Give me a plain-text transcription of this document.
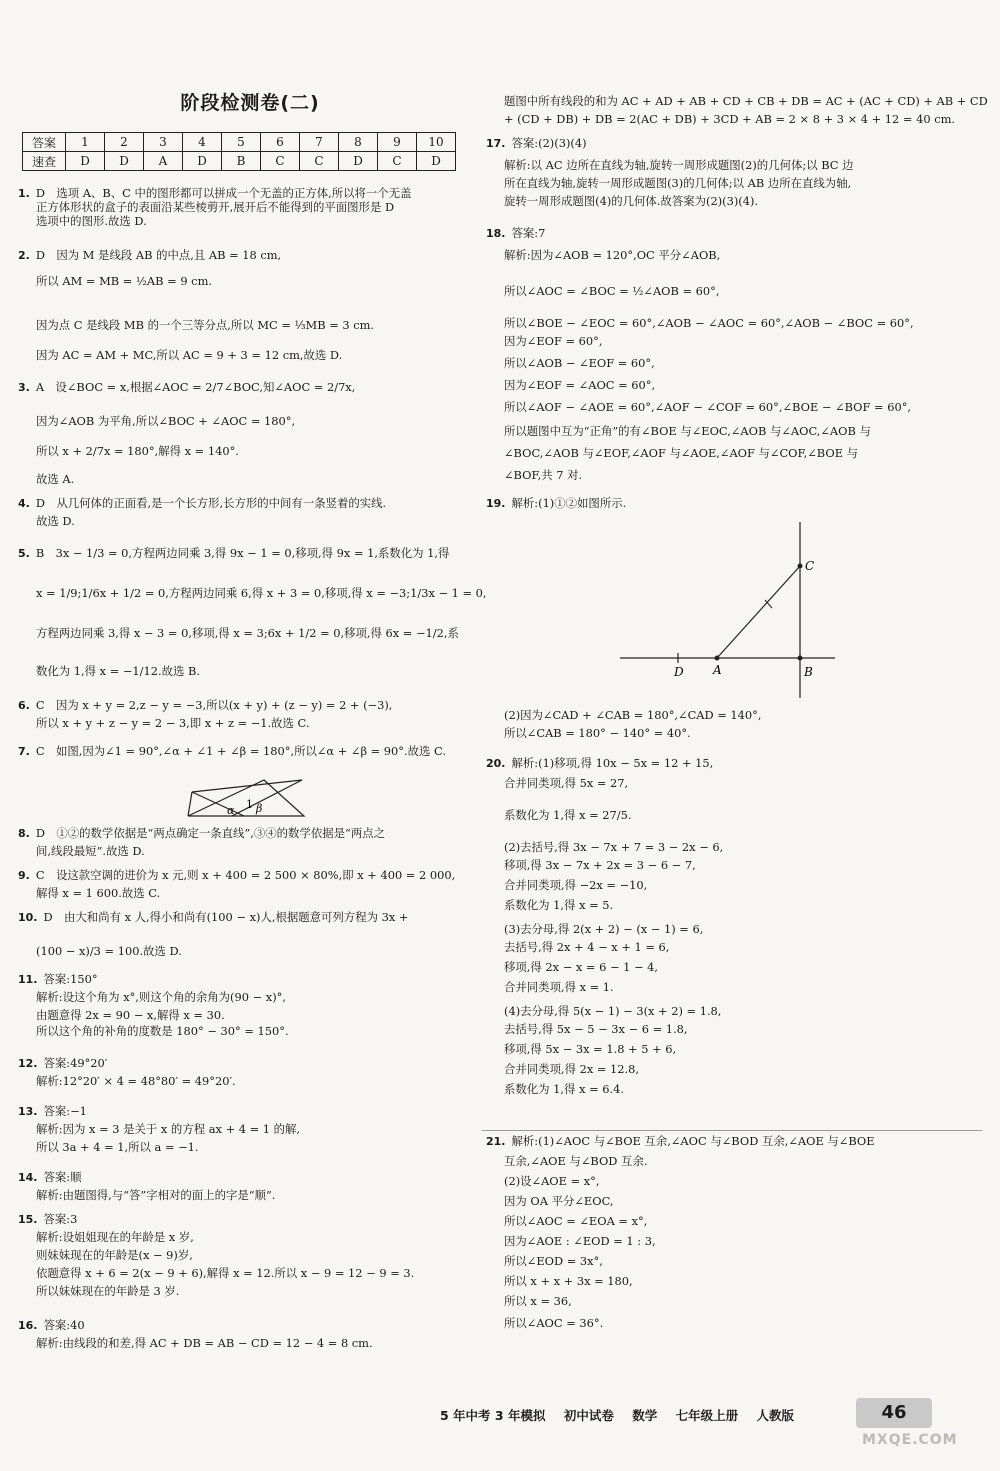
阶段检测卷(二)
答案	1	2	3	4	5	6	7	8	9	10
速查	D	D	A	D	B	C	C	D	C	D
1. D　选项 A、B、C 中的图形都可以拼成一个无盖的正方体,所以将一个无盖
正方体形状的盒子的表面沿某些棱剪开,展开后不能得到的平面图形是 D
选项中的图形.故选 D.
2. D　因为 M 是线段 AB 的中点,且 AB = 18 cm,
所以 AM = MB = ½AB = 9 cm.
因为点 C 是线段 MB 的一个三等分点,所以 MC = ⅓MB = 3 cm.
因为 AC = AM + MC,所以 AC = 9 + 3 = 12 cm,故选 D.
3. A　设∠BOC = x,根据∠AOC = 2/7∠BOC,知∠AOC = 2/7x,
因为∠AOB 为平角,所以∠BOC + ∠AOC = 180°,
所以 x + 2/7x = 180°,解得 x = 140°.
故选 A.
4. D　从几何体的正面看,是一个长方形,长方形的中间有一条竖着的实线.
故选 D.
5. B　3x − 1/3 = 0,方程两边同乘 3,得 9x − 1 = 0,移项,得 9x = 1,系数化为 1,得
x = 1/9;1/6x + 1/2 = 0,方程两边同乘 6,得 x + 3 = 0,移项,得 x = −3;1/3x − 1 = 0,
方程两边同乘 3,得 x − 3 = 0,移项,得 x = 3;6x + 1/2 = 0,移项,得 6x = −1/2,系
数化为 1,得 x = −1/12.故选 B.
6. C　因为 x + y = 2,z − y = −3,所以(x + y) + (z − y) = 2 + (−3),
所以 x + y + z − y = 2 − 3,即 x + z = −1.故选 C.
7. C　如图,因为∠1 = 90°,∠α + ∠1 + ∠β = 180°,所以∠α + ∠β = 90°.故选 C.
8. D　①②的数学依据是“两点确定一条直线”,③④的数学依据是“两点之
间,线段最短”.故选 D.
9. C　设这款空调的进价为 x 元,则 x + 400 = 2 500 × 80%,即 x + 400 = 2 000,
解得 x = 1 600.故选 C.
10. D　由大和尚有 x 人,得小和尚有(100 − x)人,根据题意可列方程为 3x +
(100 − x)/3 = 100.故选 D.
11. 答案:150°
解析:设这个角为 x°,则这个角的余角为(90 − x)°,
由题意得 2x = 90 − x,解得 x = 30.
所以这个角的补角的度数是 180° − 30° = 150°.
12. 答案:49°20′
解析:12°20′ × 4 = 48°80′ = 49°20′.
13. 答案:−1
解析:因为 x = 3 是关于 x 的方程 ax + 4 = 1 的解,
所以 3a + 4 = 1,所以 a = −1.
14. 答案:顺
解析:由题图得,与“答”字相对的面上的字是“顺”.
15. 答案:3
解析:设姐姐现在的年龄是 x 岁,
则妹妹现在的年龄是(x − 9)岁,
依题意得 x + 6 = 2(x − 9 + 6),解得 x = 12.所以 x − 9 = 12 − 9 = 3.
所以妹妹现在的年龄是 3 岁.
16. 答案:40
解析:由线段的和差,得 AC + DB = AB − CD = 12 − 4 = 8 cm.
题图中所有线段的和为 AC + AD + AB + CD + CB + DB = AC + (AC + CD) + AB + CD
+ (CD + DB) + DB = 2(AC + DB) + 3CD + AB = 2 × 8 + 3 × 4 + 12 = 40 cm.
17. 答案:(2)(3)(4)
解析:以 AC 边所在直线为轴,旋转一周形成题图(2)的几何体;以 BC 边
所在直线为轴,旋转一周形成题图(3)的几何体;以 AB 边所在直线为轴,
旋转一周形成题图(4)的几何体.故答案为(2)(3)(4).
18. 答案:7
解析:因为∠AOB = 120°,OC 平分∠AOB,
所以∠AOC = ∠BOC = ½∠AOB = 60°,
所以∠BOE − ∠EOC = 60°,∠AOB − ∠AOC = 60°,∠AOB − ∠BOC = 60°,
因为∠EOF = 60°,
所以∠AOB − ∠EOF = 60°,
因为∠EOF = ∠AOC = 60°,
所以∠AOF − ∠AOE = 60°,∠AOF − ∠COF = 60°,∠BOE − ∠BOF = 60°,
所以题图中互为“正角”的有∠BOE 与∠EOC,∠AOB 与∠AOC,∠AOB 与
∠BOC,∠AOB 与∠EOF,∠AOF 与∠AOE,∠AOF 与∠COF,∠BOE 与
∠BOF,共 7 对.
19. 解析:(1)①②如图所示.
(2)因为∠CAD + ∠CAB = 180°,∠CAD = 140°,
所以∠CAB = 180° − 140° = 40°.
20. 解析:(1)移项,得 10x − 5x = 12 + 15,
合并同类项,得 5x = 27,
系数化为 1,得 x = 27/5.
(2)去括号,得 3x − 7x + 7 = 3 − 2x − 6,
移项,得 3x − 7x + 2x = 3 − 6 − 7,
合并同类项,得 −2x = −10,
系数化为 1,得 x = 5.
(3)去分母,得 2(x + 2) − (x − 1) = 6,
去括号,得 2x + 4 − x + 1 = 6,
移项,得 2x − x = 6 − 1 − 4,
合并同类项,得 x = 1.
(4)去分母,得 5(x − 1) − 3(x + 2) = 1.8,
去括号,得 5x − 5 − 3x − 6 = 1.8,
移项,得 5x − 3x = 1.8 + 5 + 6,
合并同类项,得 2x = 12.8,
系数化为 1,得 x = 6.4.
21. 解析:(1)∠AOC 与∠BOE 互余,∠AOC 与∠BOD 互余,∠AOE 与∠BOE
互余,∠AOE 与∠BOD 互余.
(2)设∠AOE = x°,
因为 OA 平分∠EOC,
所以∠AOC = ∠EOA = x°,
因为∠AOE : ∠EOD = 1 : 3,
所以∠EOD = 3x°,
所以 x + x + 3x = 180,
所以 x = 36,
所以∠AOC = 36°.
α 1 β
C
D A	B
5 年中考 3 年模拟 初中试卷 数学 七年级上册 人教版	46
MXQE.COM
